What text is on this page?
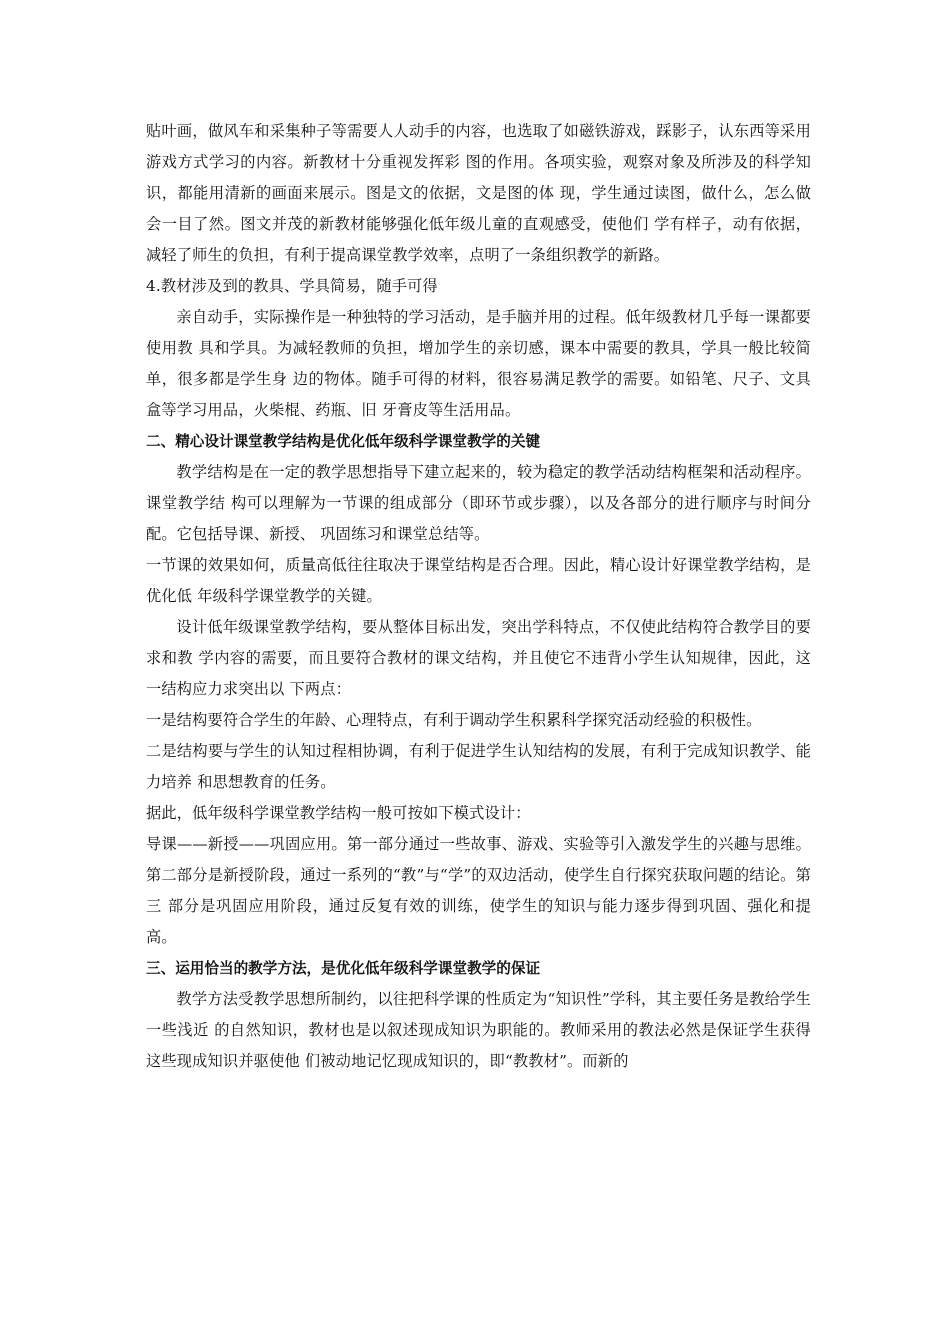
贴叶画，做风车和采集种子等需要人人动手的内容，也选取了如磁铁游戏，踩影子，认东西等采用游戏方式学习的内容。新教材十分重视发挥彩 图的作用。各项实验，观察对象及所涉及的科学知识，都能用清新的画面来展示。图是文的依据，文是图的体 现，学生通过读图，做什么，怎么做会一目了然。图文并茂的新教材能够强化低年级儿童的直观感受，使他们 学有样子，动有依据，减轻了师生的负担，有利于提高课堂教学效率，点明了一条组织教学的新路。

4.教材涉及到的教具、学具简易，随手可得

亲自动手，实际操作是一种独特的学习活动，是手脑并用的过程。低年级教材几乎每一课都要使用教 具和学具。为减轻教师的负担，增加学生的亲切感，课本中需要的教具，学具一般比较简单，很多都是学生身 边的物体。随手可得的材料，很容易满足教学的需要。如铅笔、尺子、文具盒等学习用品，火柴棍、药瓶、旧 牙膏皮等生活用品。

二、精心设计课堂教学结构是优化低年级科学课堂教学的关键

教学结构是在一定的教学思想指导下建立起来的，较为稳定的教学活动结构框架和活动程序。课堂教学结 构可以理解为一节课的组成部分（即环节或步骤），以及各部分的进行顺序与时间分配。它包括导课、新授、 巩固练习和课堂总结等。

一节课的效果如何，质量高低往往取决于课堂结构是否合理。因此，精心设计好课堂教学结构，是优化低 年级科学课堂教学的关键。

设计低年级课堂教学结构，要从整体目标出发，突出学科特点，不仅使此结构符合教学目的要求和教 学内容的需要，而且要符合教材的课文结构，并且使它不违背小学生认知规律，因此，这一结构应力求突出以 下两点：

一是结构要符合学生的年龄、心理特点，有利于调动学生积累科学探究活动经验的积极性。

二是结构要与学生的认知过程相协调，有利于促进学生认知结构的发展，有利于完成知识教学、能力培养 和思想教育的任务。

据此，低年级科学课堂教学结构一般可按如下模式设计：

导课——新授——巩固应用。第一部分通过一些故事、游戏、实验等引入激发学生的兴趣与思维。第二部分是新授阶段，通过一系列的“教”与“学”的双边活动，使学生自行探究获取问题的结论。第三 部分是巩固应用阶段，通过反复有效的训练，使学生的知识与能力逐步得到巩固、强化和提高。

三、运用恰当的教学方法，是优化低年级科学课堂教学的保证

教学方法受教学思想所制约，以往把科学课的性质定为“知识性”学科，其主要任务是教给学生一些浅近 的自然知识，教材也是以叙述现成知识为职能的。教师采用的教法必然是保证学生获得这些现成知识并驱使他 们被动地记忆现成知识的，即“教教材”。而新的
